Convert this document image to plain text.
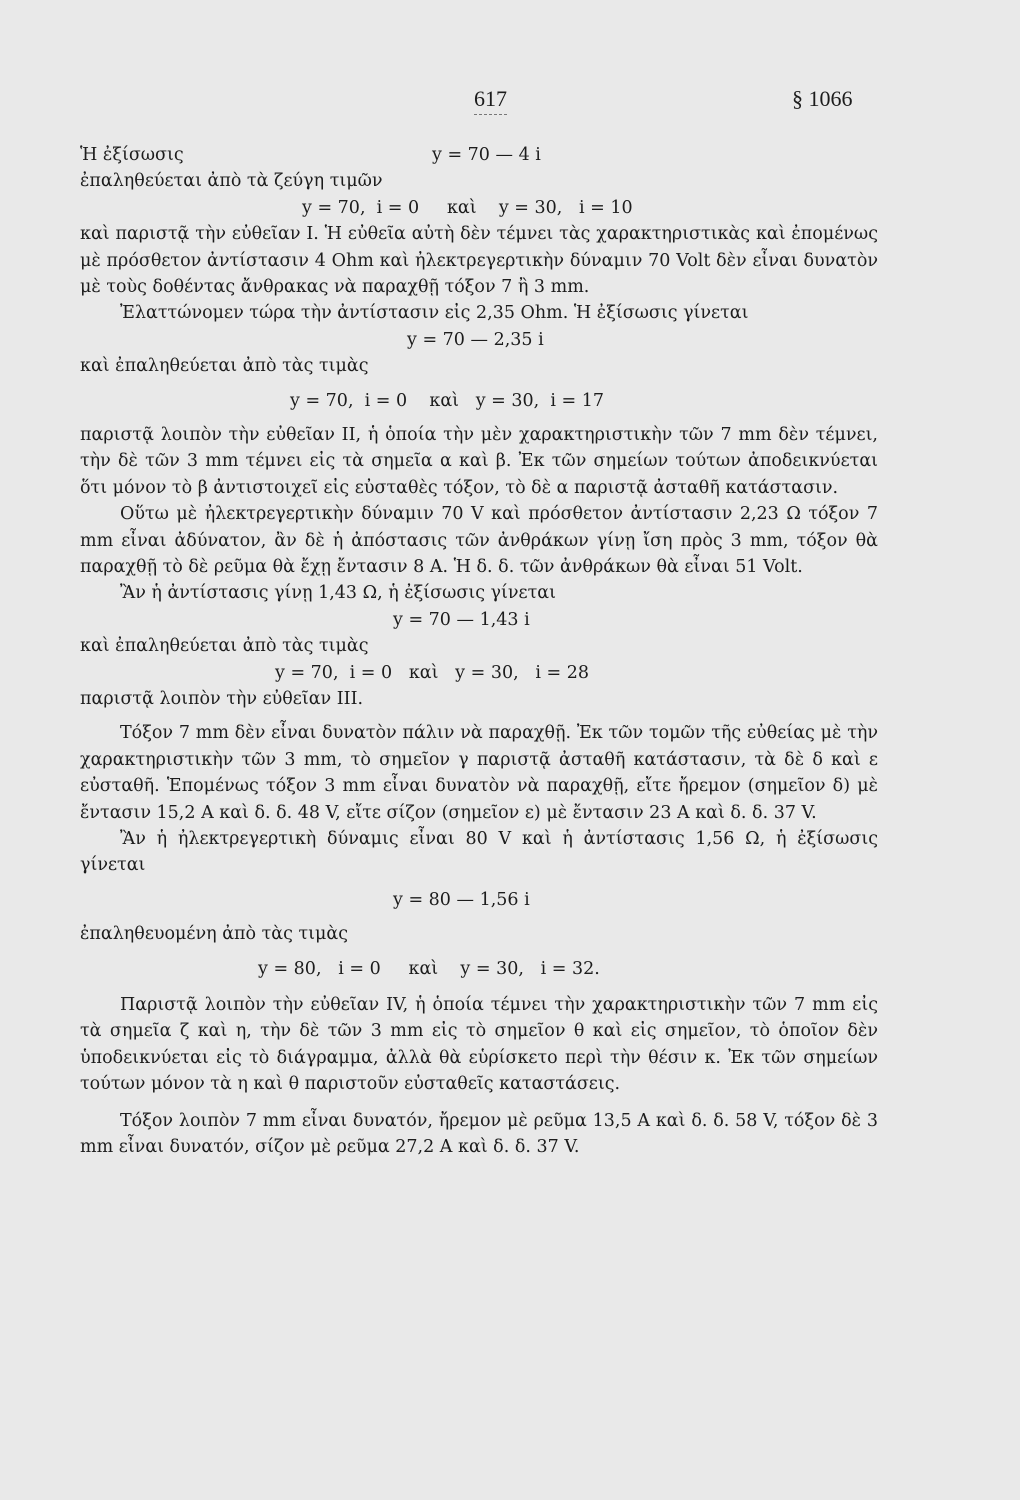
617	§ 1066

Ἡ ἐξίσωσις

	y = 70 — 4 i

ἐπαληθεύεται ἀπὸ τὰ ζεύγη τιμῶν

y = 70,  i = 0     καὶ    y = 30,   i = 10

καὶ παριστᾷ τὴν εὐθεῖαν I. Ἡ εὐθεῖα αὐτὴ δὲν τέμνει τὰς χαρακτηριστικὰς καὶ ἐπομένως μὲ πρόσθετον ἀντίστασιν 4 Ohm καὶ ἠλεκτρεγερτικὴν δύναμιν 70 Volt δὲν εἶναι δυνατὸν μὲ τοὺς δοθέντας ἄνθρακας νὰ παραχθῇ τόξον 7 ἢ 3 mm.

Ἐλαττώνομεν τώρα τὴν ἀντίστασιν εἰς 2,35 Ohm. Ἡ ἐξίσωσις γίνεται

y = 70 — 2,35 i

καὶ ἐπαληθεύεται ἀπὸ τὰς τιμὰς

y = 70,  i = 0    καὶ   y = 30,  i = 17

παριστᾷ λοιπὸν τὴν εὐθεῖαν II, ἡ ὁποία τὴν μὲν χαρακτηριστικὴν τῶν 7 mm δὲν τέμνει, τὴν δὲ τῶν 3 mm τέμνει εἰς τὰ σημεῖα α καὶ β. Ἐκ τῶν σημείων τούτων ἀποδεικνύεται ὅτι μόνον τὸ β ἀντιστοιχεῖ εἰς εὐσταθὲς τόξον, τὸ δὲ α παριστᾷ ἀσταθῆ κατάστασιν.

Οὕτω μὲ ἠλεκτρεγερτικὴν δύναμιν 70 V καὶ πρόσθετον ἀντίστασιν 2,23 Ω τόξον 7 mm εἶναι ἀδύνατον, ἂν δὲ ἡ ἀπόστασις τῶν ἀνθράκων γίνῃ ἴση πρὸς 3 mm, τόξον θὰ παραχθῇ τὸ δὲ ρεῦμα θὰ ἔχῃ ἔντασιν 8 A. Ἡ δ. δ. τῶν ἀνθράκων θὰ εἶναι 51 Volt.

Ἂν ἡ ἀντίστασις γίνῃ 1,43 Ω, ἡ ἐξίσωσις γίνεται

y = 70 — 1,43 i

καὶ ἐπαληθεύεται ἀπὸ τὰς τιμὰς

y = 70,  i = 0   καὶ   y = 30,   i = 28

παριστᾷ λοιπὸν τὴν εὐθεῖαν III.

Τόξον 7 mm δὲν εἶναι δυνατὸν πάλιν νὰ παραχθῇ. Ἐκ τῶν τομῶν τῆς εὐθείας μὲ τὴν χαρακτηριστικὴν τῶν 3 mm, τὸ σημεῖον γ παριστᾷ ἀσταθῆ κατάστασιν, τὰ δὲ δ καὶ ε εὐσταθῆ. Ἑπομένως τόξον 3 mm εἶναι δυνατὸν νὰ παραχθῇ, εἴτε ἤρεμον (σημεῖον δ) μὲ ἔντασιν 15,2 A καὶ δ. δ. 48 V, εἴτε σίζον (σημεῖον ε) μὲ ἔντασιν 23 A καὶ δ. δ. 37 V.

Ἂν ἡ ἠλεκτρεγερτικὴ δύναμις εἶναι 80 V καὶ ἡ ἀντίστασις 1,56 Ω, ἡ ἐξίσωσις γίνεται

y = 80 — 1,56 i

ἐπαληθευομένη ἀπὸ τὰς τιμὰς

y = 80,   i = 0     καὶ    y = 30,   i = 32.

Παριστᾷ λοιπὸν τὴν εὐθεῖαν IV, ἡ ὁποία τέμνει τὴν χαρακτηριστικὴν τῶν 7 mm εἰς τὰ σημεῖα ζ καὶ η, τὴν δὲ τῶν 3 mm εἰς τὸ σημεῖον θ καὶ εἰς σημεῖον, τὸ ὁποῖον δὲν ὑποδεικνύεται εἰς τὸ διάγραμμα, ἀλλὰ θὰ εὑρίσκετο περὶ τὴν θέσιν κ. Ἐκ τῶν σημείων τούτων μόνον τὰ η καὶ θ παριστοῦν εὐσταθεῖς καταστάσεις.

Τόξον λοιπὸν 7 mm εἶναι δυνατόν, ἤρεμον μὲ ρεῦμα 13,5 A καὶ δ. δ. 58 V, τόξον δὲ 3 mm εἶναι δυνατόν, σίζον μὲ ρεῦμα 27,2 A καὶ δ. δ. 37 V.
